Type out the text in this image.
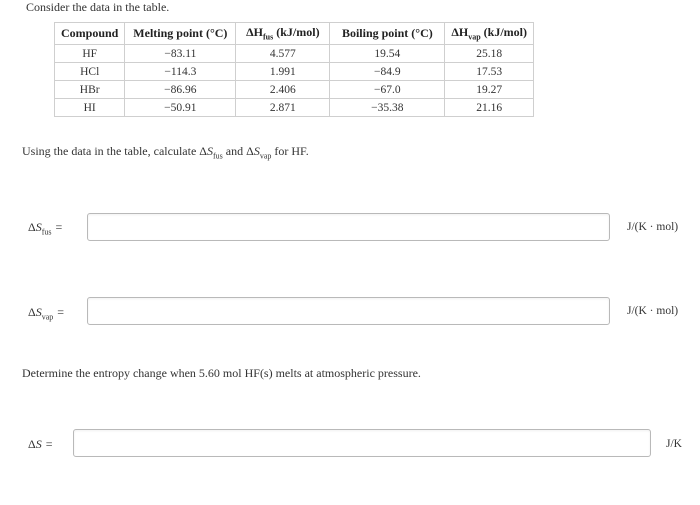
Consider the data in the table.
Compound	Melting point (°C)	$\Delta H_{fus}$ (kJ/mol)	Boiling point (°C)	$\Delta H_{vap}$ (kJ/mol)
HF	−83.11	4.577	19.54	25.18
HCl	−114.3	1.991	−84.9	17.53
HBr	−86.96	2.406	−67.0	19.27
HI	−50.91	2.871	−35.38	21.16
Using the data in the table, calculate $\Delta S_{fus}$ and $\Delta S_{vap}$ for HF.
$\Delta S_{fus}$ =	J/(K · mol)
$\Delta S_{vap}$ =	J/(K · mol)
Determine the entropy change when 5.60 mol HF(s) melts at atmospheric pressure.
ΔS =	J/K
